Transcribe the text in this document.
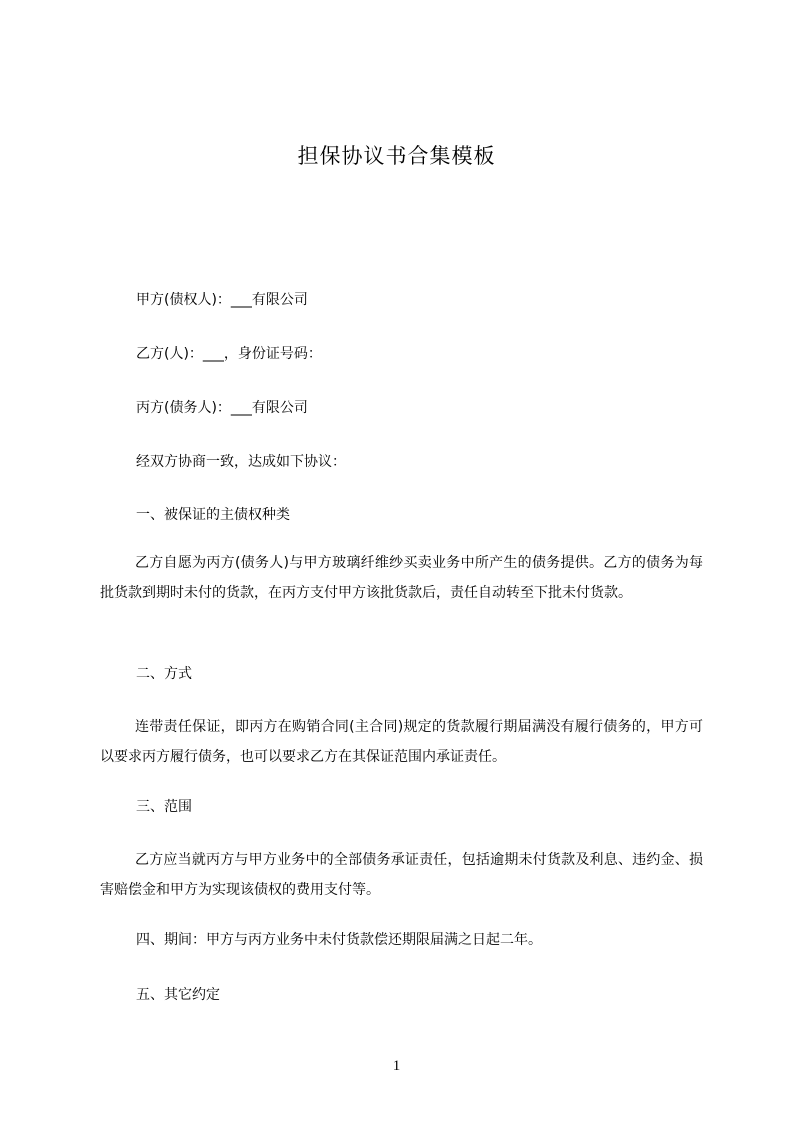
担保协议书合集模板
甲方(债权人)：___有限公司
乙方(人)：___，身份证号码：
丙方(债务人)：___有限公司
经双方协商一致，达成如下协议：
一、被保证的主债权种类
乙方自愿为丙方(债务人)与甲方玻璃纤维纱买卖业务中所产生的债务提供。乙方的债务为每批货款到期时未付的货款，在丙方支付甲方该批货款后，责任自动转至下批未付货款。
二、方式
连带责任保证，即丙方在购销合同(主合同)规定的货款履行期届满没有履行债务的，甲方可以要求丙方履行债务，也可以要求乙方在其保证范围内承证责任。
三、范围
乙方应当就丙方与甲方业务中的全部债务承证责任，包括逾期未付货款及利息、违约金、损害赔偿金和甲方为实现该债权的费用支付等。
四、期间：甲方与丙方业务中未付货款偿还期限届满之日起二年。
五、其它约定
1
